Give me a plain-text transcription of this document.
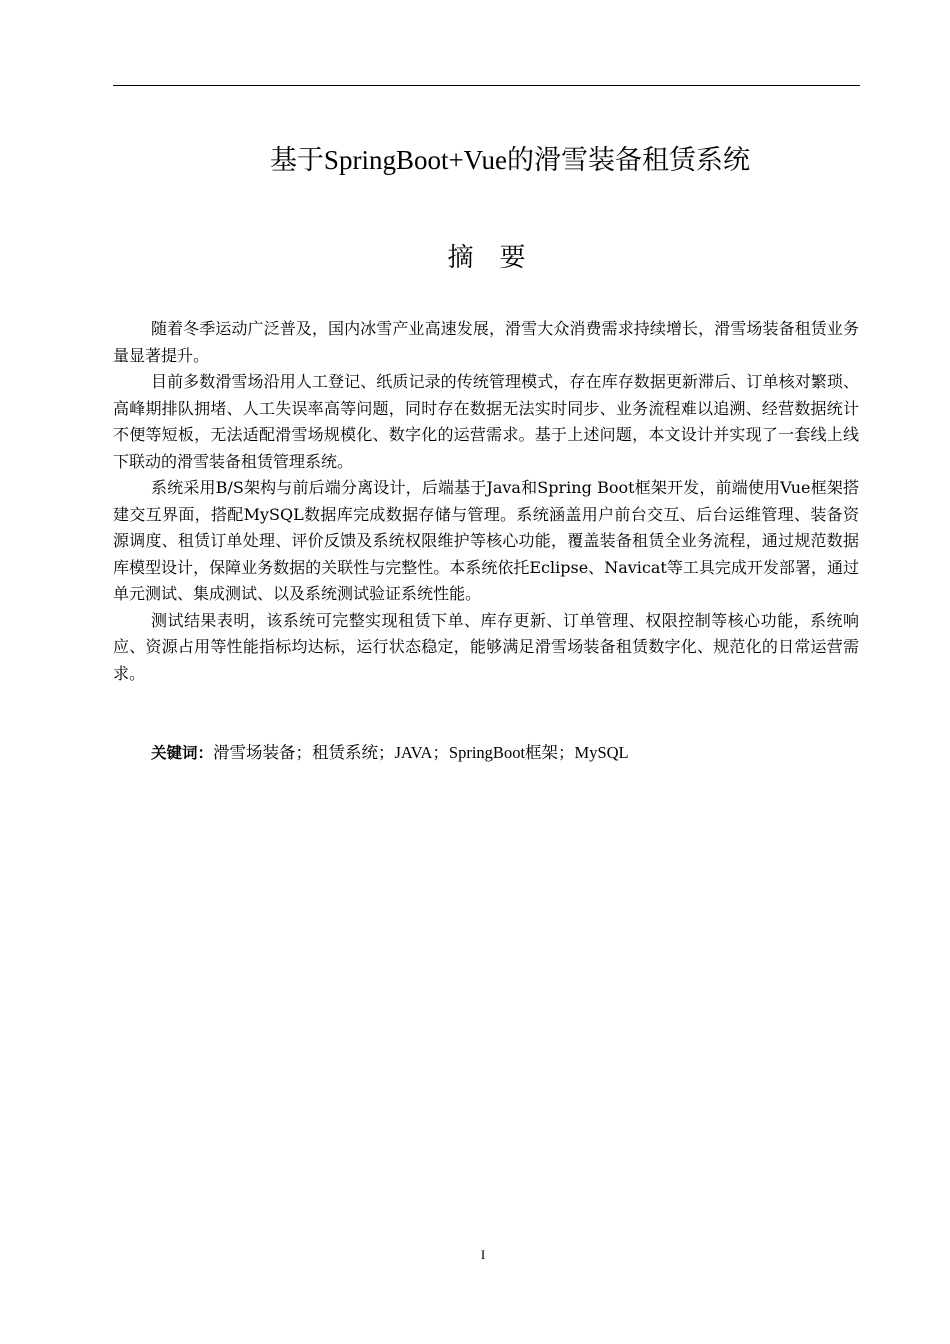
基于SpringBoot+Vue的滑雪装备租赁系统
摘要

随着冬季运动广泛普及，国内冰雪产业高速发展，滑雪大众消费需求持续增长，滑雪场装备租赁业务量显著提升。

目前多数滑雪场沿用人工登记、纸质记录的传统管理模式，存在库存数据更新滞后、订单核对繁琐、高峰期排队拥堵、人工失误率高等问题，同时存在数据无法实时同步、业务流程难以追溯、经营数据统计不便等短板，无法适配滑雪场规模化、数字化的运营需求。基于上述问题，本文设计并实现了一套线上线下联动的滑雪装备租赁管理系统。

系统采用B/S架构与前后端分离设计，后端基于Java和Spring Boot框架开发，前端使用Vue框架搭建交互界面，搭配MySQL数据库完成数据存储与管理。系统涵盖用户前台交互、后台运维管理、装备资源调度、租赁订单处理、评价反馈及系统权限维护等核心功能，覆盖装备租赁全业务流程，通过规范数据库模型设计，保障业务数据的关联性与完整性。本系统依托Eclipse、Navicat等工具完成开发部署，通过单元测试、集成测试、以及系统测试验证系统性能。

测试结果表明，该系统可完整实现租赁下单、库存更新、订单管理、权限控制等核心功能，系统响应、资源占用等性能指标均达标，运行状态稳定，能够满足滑雪场装备租赁数字化、规范化的日常运营需求。

关键词：滑雪场装备；租赁系统；JAVA；SpringBoot框架；MySQL
I
